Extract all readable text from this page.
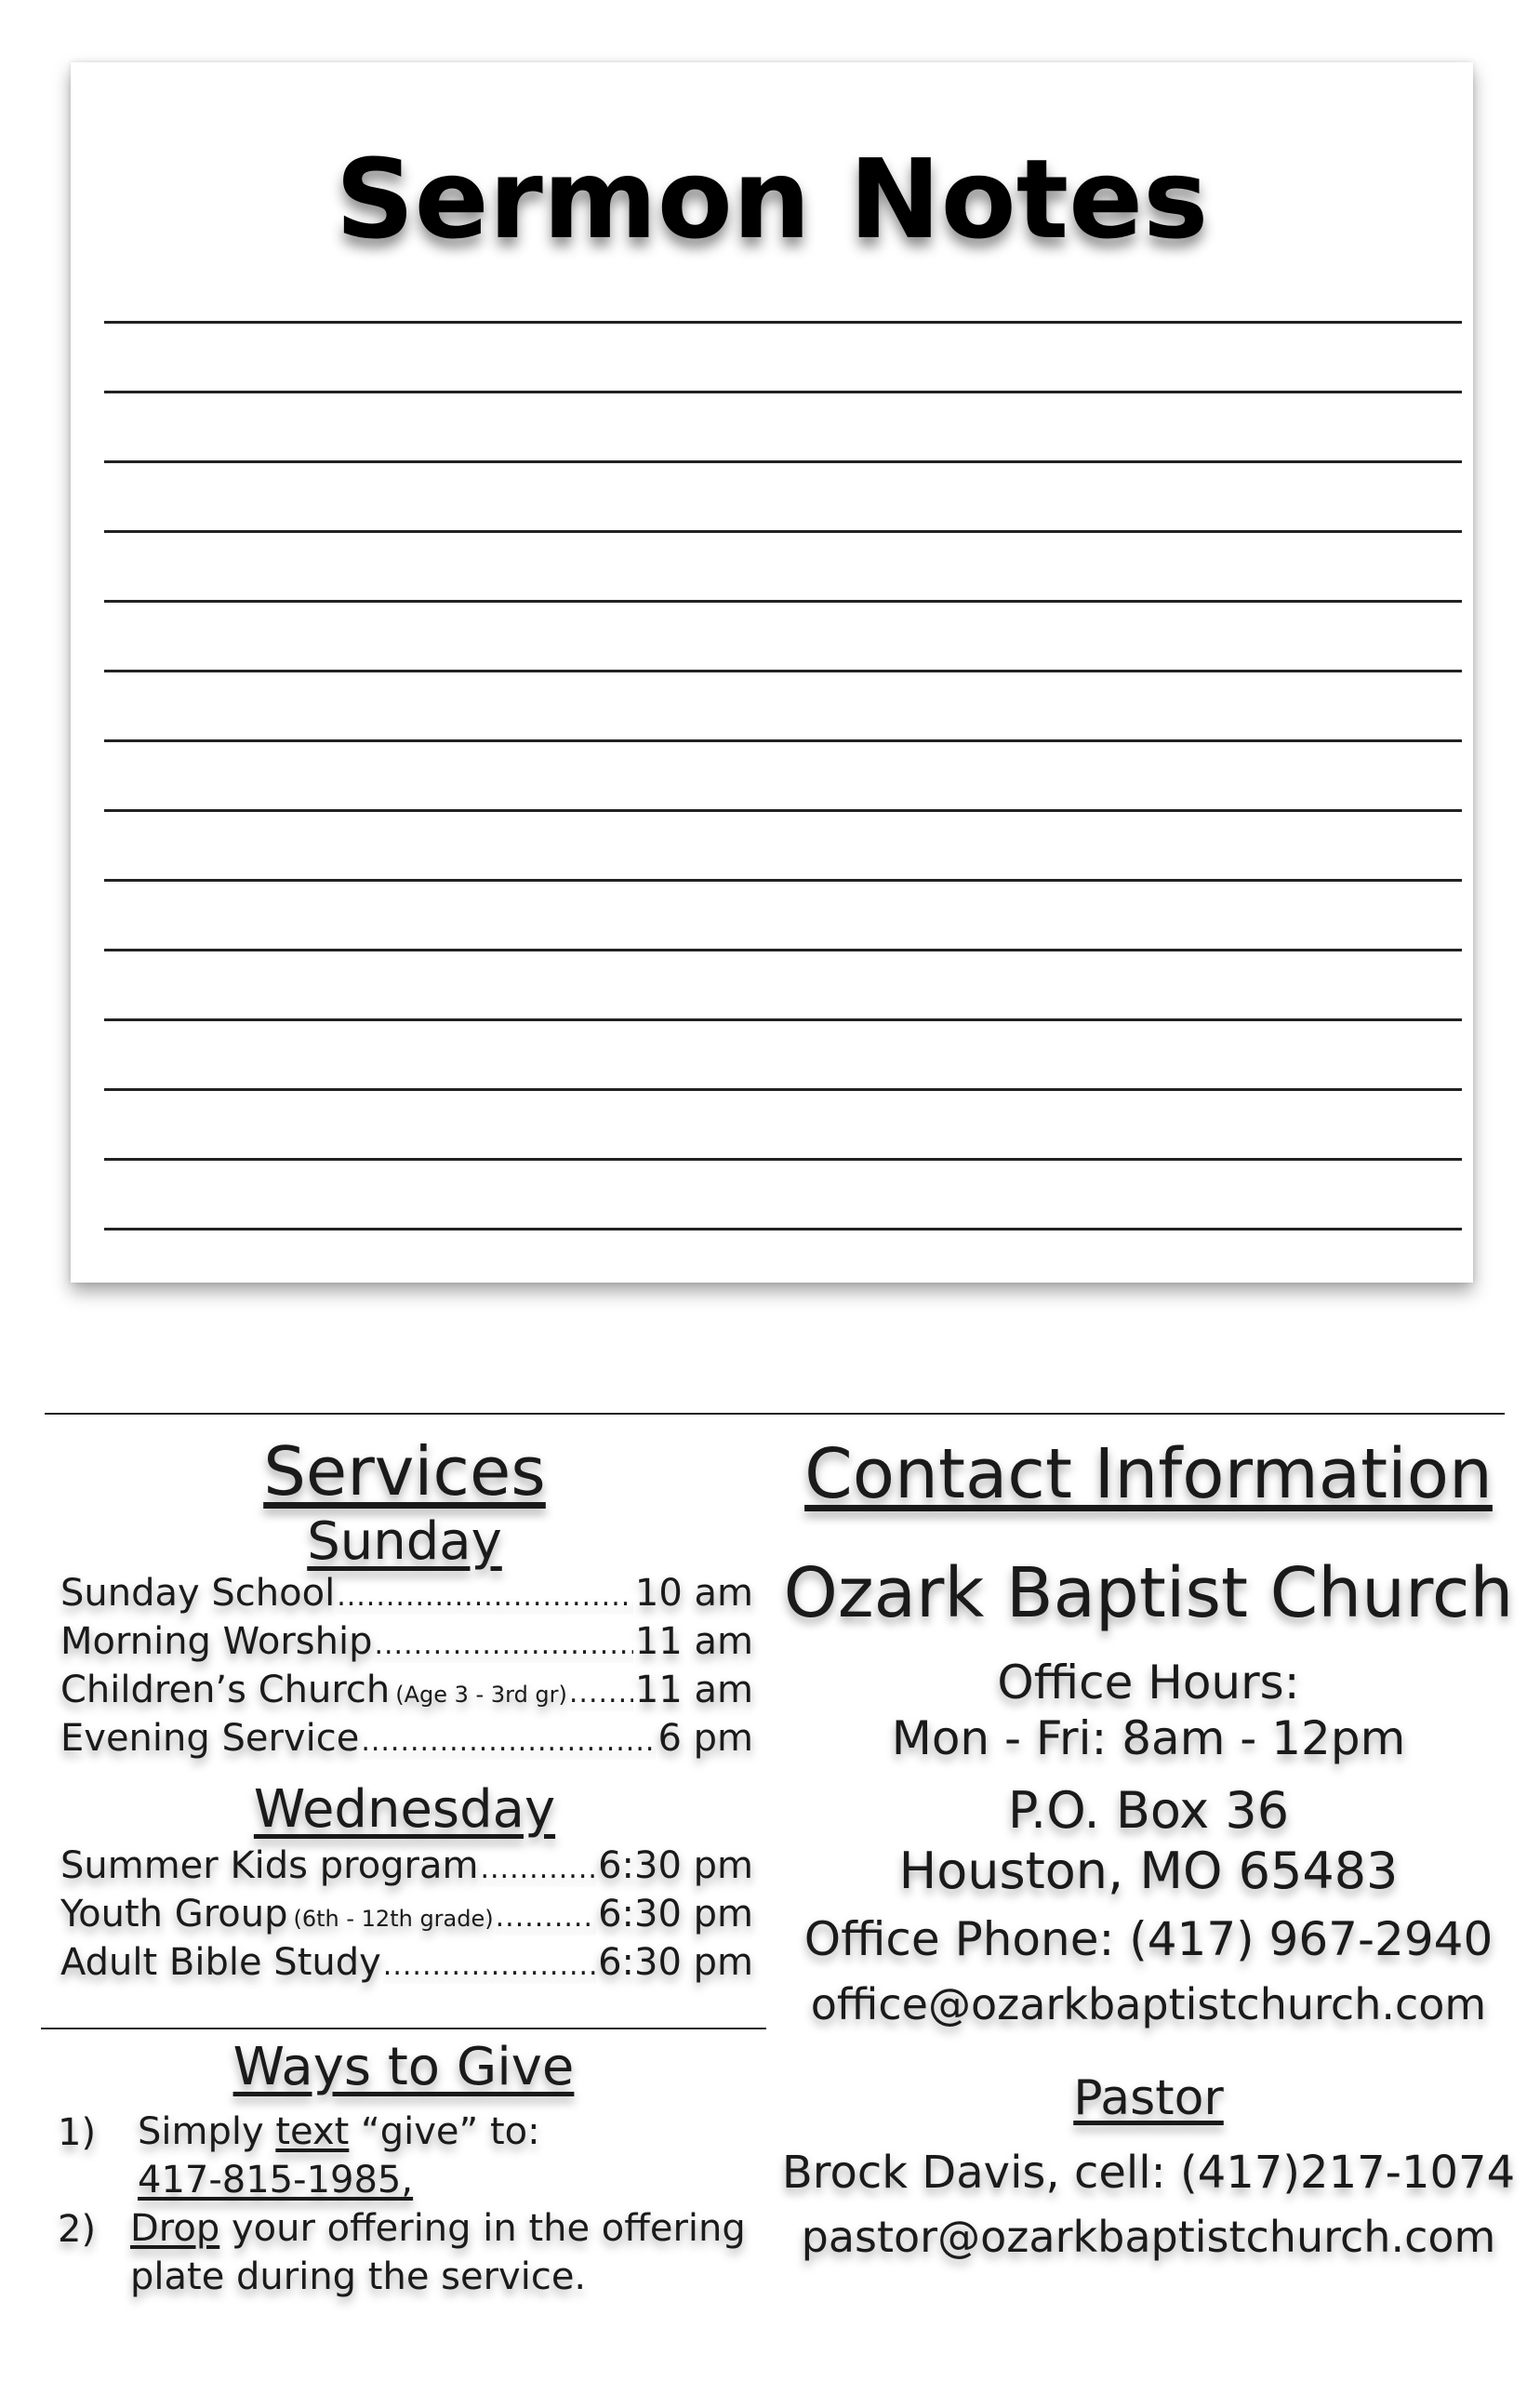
Sermon Notes
Services
Sunday
Sunday School .....	10 am
Morning Worship .....	11 am
Children’s Church (Age 3 - 3rd gr) ..... 11 am
Evening Service .....	6 pm
Wednesday
Summer Kids program .....	6:30 pm
Youth Group (6th - 12th grade) .....	6:30 pm
Adult Bible Study .....	6:30 pm
Ways to Give
1) Simply text “give” to:
417-815-1985,
2) Drop your offering in the offering
plate during the service.
Contact Information
Ozark Baptist Church
Office Hours:
Mon - Fri: 8am - 12pm
P.O. Box 36
Houston, MO 65483
Office Phone: (417) 967-2940
office@ozarkbaptistchurch.com
Pastor
Brock Davis, cell: (417)217-1074
pastor@ozarkbaptistchurch.com
